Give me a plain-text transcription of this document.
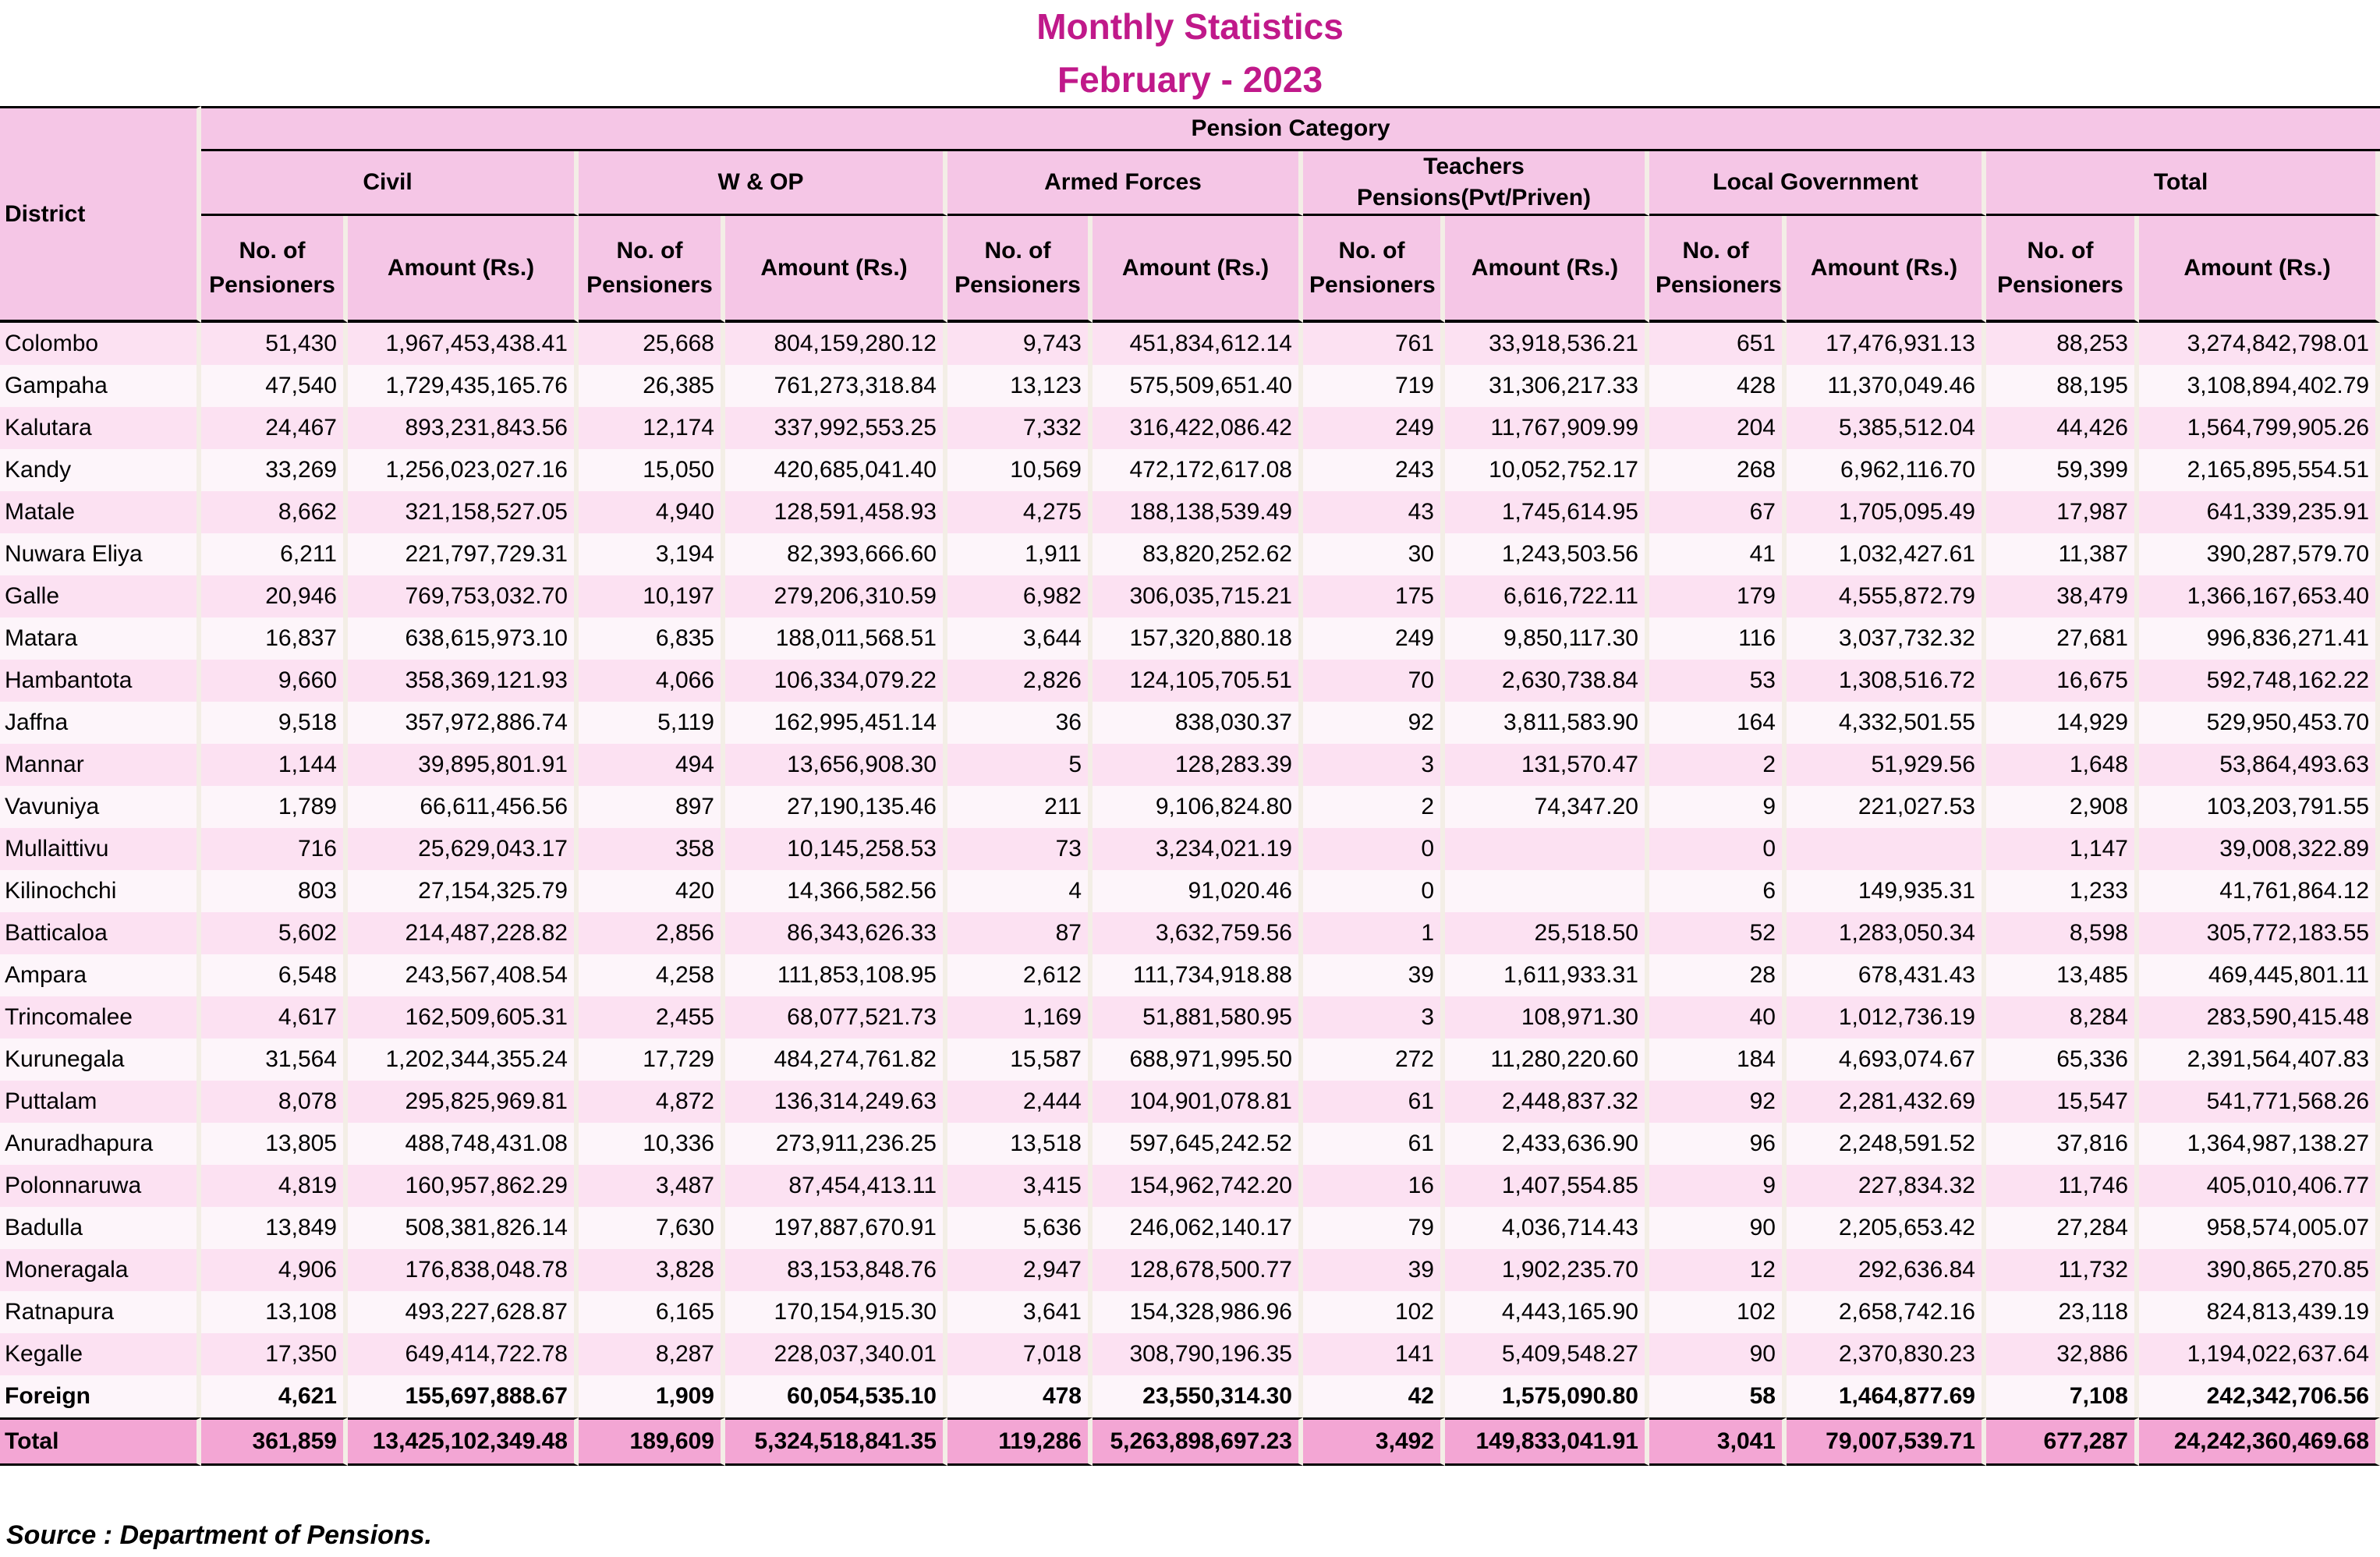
Monthly Statistics
February - 2023
District	Pension Category											
	Civil		W & OP		Armed Forces		Teachers Pensions(Pvt/Priven)		Local Government		Total	
	No. of Pensioners	Amount (Rs.)	No. of Pensioners	Amount (Rs.)	No. of Pensioners	Amount (Rs.)	No. of Pensioners	Amount (Rs.)	No. of Pensioners	Amount (Rs.)	No. of Pensioners	Amount (Rs.)
Colombo	51,430	1,967,453,438.41	25,668	804,159,280.12	9,743	451,834,612.14	761	33,918,536.21	651	17,476,931.13	88,253	3,274,842,798.01
Gampaha	47,540	1,729,435,165.76	26,385	761,273,318.84	13,123	575,509,651.40	719	31,306,217.33	428	11,370,049.46	88,195	3,108,894,402.79
Kalutara	24,467	893,231,843.56	12,174	337,992,553.25	7,332	316,422,086.42	249	11,767,909.99	204	5,385,512.04	44,426	1,564,799,905.26
Kandy	33,269	1,256,023,027.16	15,050	420,685,041.40	10,569	472,172,617.08	243	10,052,752.17	268	6,962,116.70	59,399	2,165,895,554.51
Matale	8,662	321,158,527.05	4,940	128,591,458.93	4,275	188,138,539.49	43	1,745,614.95	67	1,705,095.49	17,987	641,339,235.91
Nuwara Eliya	6,211	221,797,729.31	3,194	82,393,666.60	1,911	83,820,252.62	30	1,243,503.56	41	1,032,427.61	11,387	390,287,579.70
Galle	20,946	769,753,032.70	10,197	279,206,310.59	6,982	306,035,715.21	175	6,616,722.11	179	4,555,872.79	38,479	1,366,167,653.40
Matara	16,837	638,615,973.10	6,835	188,011,568.51	3,644	157,320,880.18	249	9,850,117.30	116	3,037,732.32	27,681	996,836,271.41
Hambantota	9,660	358,369,121.93	4,066	106,334,079.22	2,826	124,105,705.51	70	2,630,738.84	53	1,308,516.72	16,675	592,748,162.22
Jaffna	9,518	357,972,886.74	5,119	162,995,451.14	36	838,030.37	92	3,811,583.90	164	4,332,501.55	14,929	529,950,453.70
Mannar	1,144	39,895,801.91	494	13,656,908.30	5	128,283.39	3	131,570.47	2	51,929.56	1,648	53,864,493.63
Vavuniya	1,789	66,611,456.56	897	27,190,135.46	211	9,106,824.80	2	74,347.20	9	221,027.53	2,908	103,203,791.55
Mullaittivu	716	25,629,043.17	358	10,145,258.53	73	3,234,021.19	0		0		1,147	39,008,322.89
Kilinochchi	803	27,154,325.79	420	14,366,582.56	4	91,020.46	0		6	149,935.31	1,233	41,761,864.12
Batticaloa	5,602	214,487,228.82	2,856	86,343,626.33	87	3,632,759.56	1	25,518.50	52	1,283,050.34	8,598	305,772,183.55
Ampara	6,548	243,567,408.54	4,258	111,853,108.95	2,612	111,734,918.88	39	1,611,933.31	28	678,431.43	13,485	469,445,801.11
Trincomalee	4,617	162,509,605.31	2,455	68,077,521.73	1,169	51,881,580.95	3	108,971.30	40	1,012,736.19	8,284	283,590,415.48
Kurunegala	31,564	1,202,344,355.24	17,729	484,274,761.82	15,587	688,971,995.50	272	11,280,220.60	184	4,693,074.67	65,336	2,391,564,407.83
Puttalam	8,078	295,825,969.81	4,872	136,314,249.63	2,444	104,901,078.81	61	2,448,837.32	92	2,281,432.69	15,547	541,771,568.26
Anuradhapura	13,805	488,748,431.08	10,336	273,911,236.25	13,518	597,645,242.52	61	2,433,636.90	96	2,248,591.52	37,816	1,364,987,138.27
Polonnaruwa	4,819	160,957,862.29	3,487	87,454,413.11	3,415	154,962,742.20	16	1,407,554.85	9	227,834.32	11,746	405,010,406.77
Badulla	13,849	508,381,826.14	7,630	197,887,670.91	5,636	246,062,140.17	79	4,036,714.43	90	2,205,653.42	27,284	958,574,005.07
Moneragala	4,906	176,838,048.78	3,828	83,153,848.76	2,947	128,678,500.77	39	1,902,235.70	12	292,636.84	11,732	390,865,270.85
Ratnapura	13,108	493,227,628.87	6,165	170,154,915.30	3,641	154,328,986.96	102	4,443,165.90	102	2,658,742.16	23,118	824,813,439.19
Kegalle	17,350	649,414,722.78	8,287	228,037,340.01	7,018	308,790,196.35	141	5,409,548.27	90	2,370,830.23	32,886	1,194,022,637.64
Foreign	4,621	155,697,888.67	1,909	60,054,535.10	478	23,550,314.30	42	1,575,090.80	58	1,464,877.69	7,108	242,342,706.56
Total	361,859	13,425,102,349.48	189,609	5,324,518,841.35	119,286	5,263,898,697.23	3,492	149,833,041.91	3,041	79,007,539.71	677,287	24,242,360,469.68
Source : Department of Pensions.
